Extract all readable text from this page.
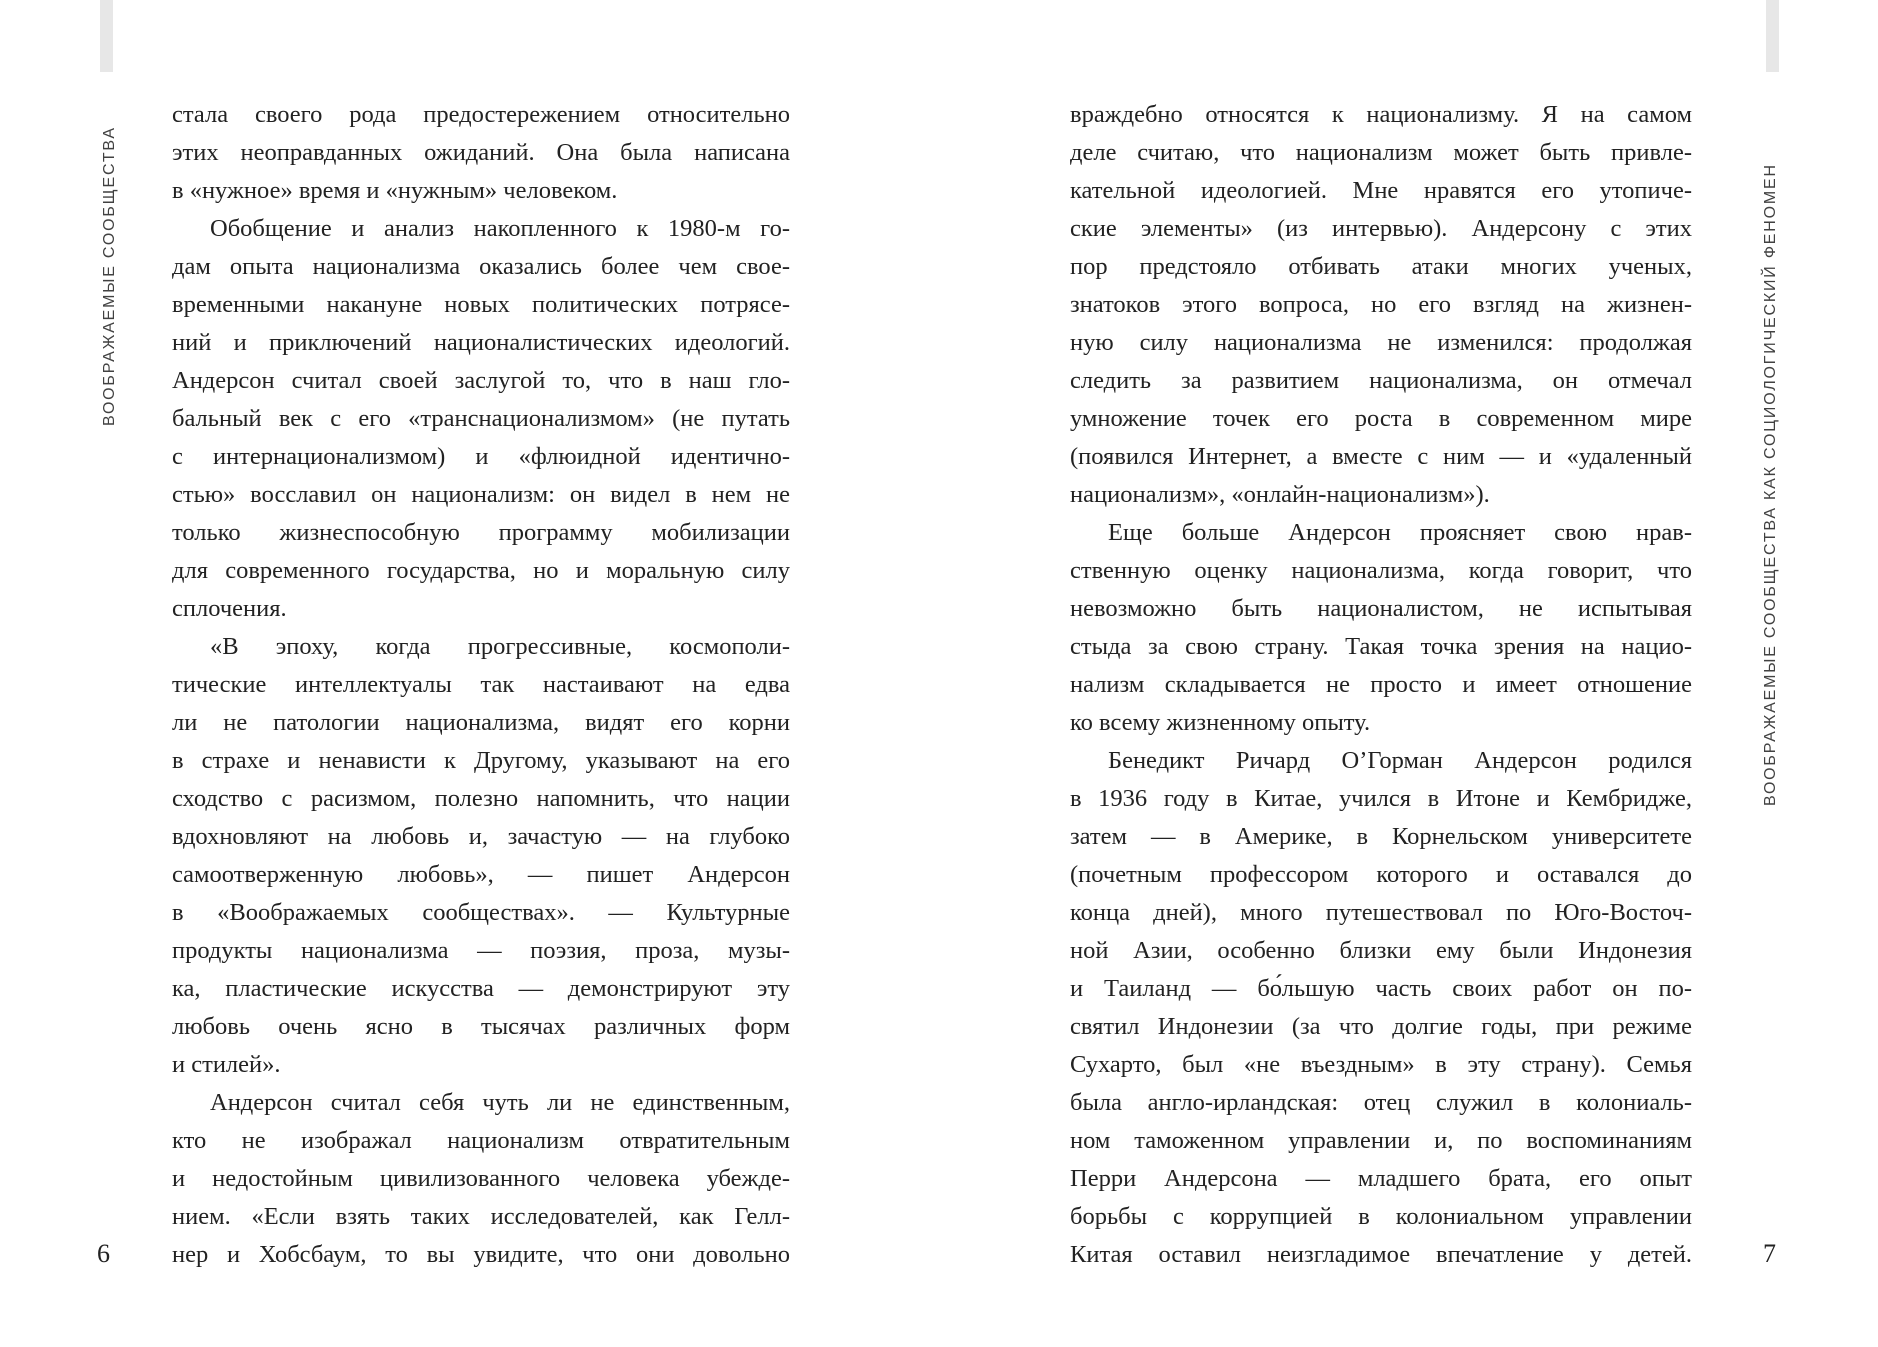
ВООБРАЖАЕМЫЕ СООБЩЕСТВА	ВООБРАЖАЕМЫЕ СООБЩЕСТВА КАК СОЦИОЛОГИЧЕСКИЙ ФЕНОМЕН
стала своего рода предостережением относительно
этих неоправданных ожиданий. Она была написана
в «нужное» время и «нужным» человеком.
Обобщение и анализ накопленного к 1980-м го-
дам опыта национализма оказались более чем свое-
временными накануне новых политических потрясе-
ний и приключений националистических идеологий.
Андерсон считал своей заслугой то, что в наш гло-
бальный век с его «транснационализмом» (не путать
с интернационализмом) и «флюидной идентично-
стью» восславил он национализм: он видел в нем не
только жизнеспособную программу мобилизации
для современного государства, но и моральную силу
сплочения.
«В эпоху, когда прогрессивные, космополи-
тические интеллектуалы так настаивают на едва
ли не патологии национализма, видят его корни
в страхе и ненависти к Другому, указывают на его
сходство с расизмом, полезно напомнить, что нации
вдохновляют на любовь и, зачастую — на глубоко
самоотверженную любовь», — пишет Андерсон
в «Воображаемых сообществах». — Культурные
продукты национализма — поэзия, проза, музы-
ка, пластические искусства — демонстрируют эту
любовь очень ясно в тысячах различных форм
и стилей».
Андерсон считал себя чуть ли не единственным,
кто не изображал национализм отвратительным
и недостойным цивилизованного человека убежде-
нием. «Если взять таких исследователей, как Гелл-
нер и Хобсбаум, то вы увидите, что они довольно
враждебно относятся к национализму. Я на самом
деле считаю, что национализм может быть привле-
кательной идеологией. Мне нравятся его утопиче-
ские элементы» (из интервью). Андерсону с этих
пор предстояло отбивать атаки многих ученых,
знатоков этого вопроса, но его взгляд на жизнен-
ную силу национализма не изменился: продолжая
следить за развитием национализма, он отмечал
умножение точек его роста в современном мире
(появился Интернет, а вместе с ним — и «удаленный
национализм», «онлайн-национализм»).
Еще больше Андерсон проясняет свою нрав-
ственную оценку национализма, когда говорит, что
невозможно быть националистом, не испытывая
стыда за свою страну. Такая точка зрения на нацио-
нализм складывается не просто и имеет отношение
ко всему жизненному опыту.
Бенедикт Ричард О’Горман Андерсон родился
в 1936 году в Китае, учился в Итоне и Кембридже,
затем — в Америке, в Корнельском университете
(почетным профессором которого и оставался до
конца дней), много путешествовал по Юго-Восточ-
ной Азии, особенно близки ему были Индонезия
и Таиланд — бо́льшую часть своих работ он по-
святил Индонезии (за что долгие годы, при режиме
Сухарто, был «не въездным» в эту страну). Семья
была англо-ирландская: отец служил в колониаль-
ном таможенном управлении и, по воспоминаниям
Перри Андерсона — младшего брата, его опыт
борьбы с коррупцией в колониальном управлении
Китая оставил неизгладимое впечатление у детей.
6	7
